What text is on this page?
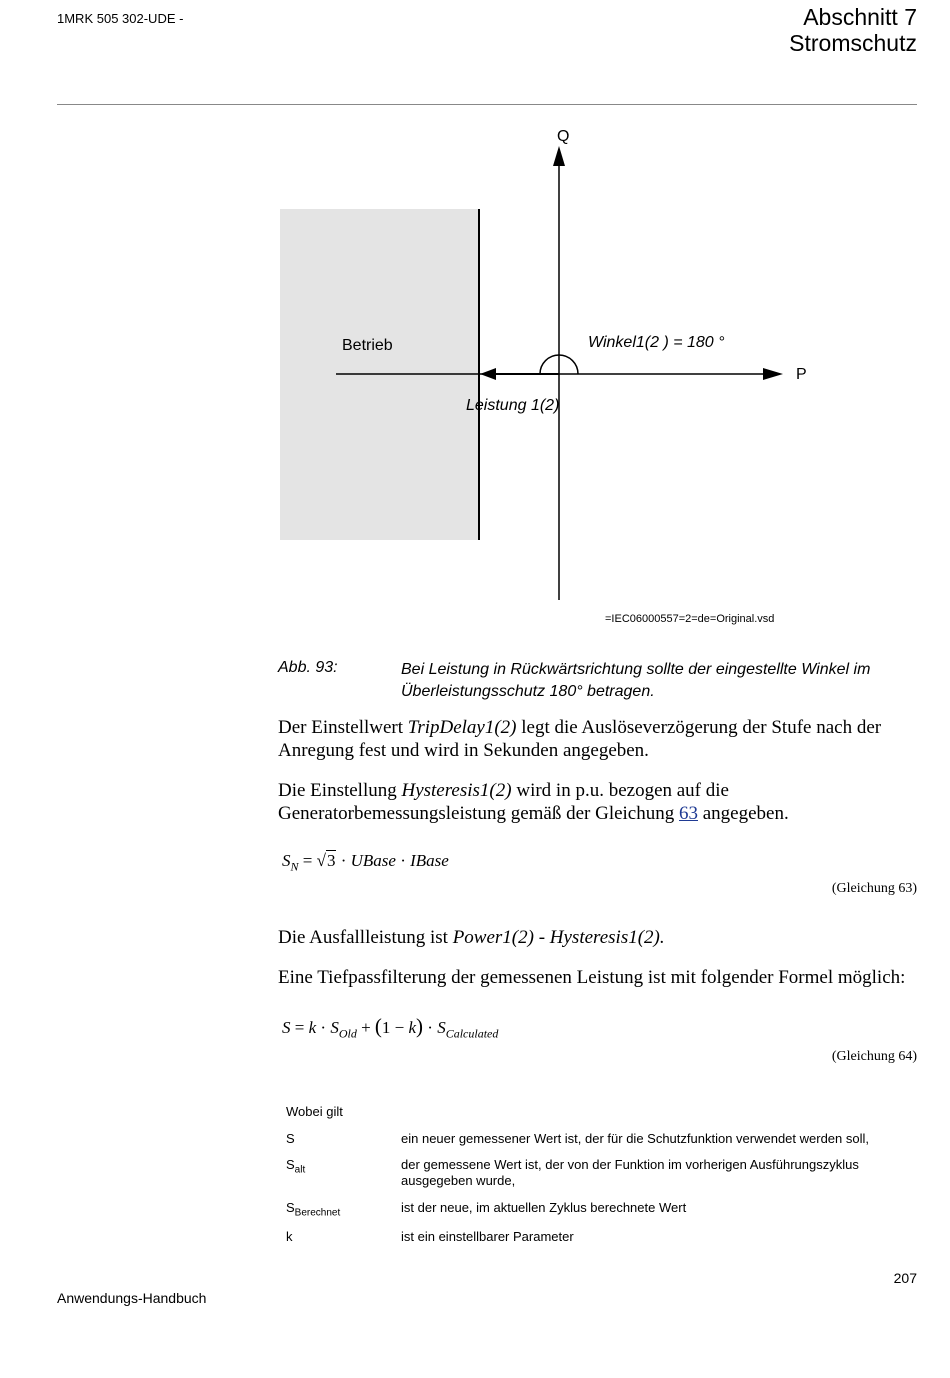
1MRK 505 302-UDE -	Abschnitt 7
Stromschutz
Q
P
Betrieb	Winkel1(2 ) = 180 °
Leistung 1(2)
=IEC06000557=2=de=Original.vsd
Abb. 93:	Bei Leistung in Rückwärtsrichtung sollte der eingestellte Winkel im Überleistungsschutz 180° betragen.
Der Einstellwert TripDelay1(2) legt die Auslöseverzögerung der Stufe nach der Anregung fest und wird in Sekunden angegeben.
Die Einstellung Hysteresis1(2) wird in p.u. bezogen auf die Generatorbemessungsleistung gemäß der Gleichung 63 angegeben.
$S_N = √3$ · UBase · IBase
(Gleichung 63)
Die Ausfallleistung ist Power1(2) - Hysteresis1(2).
Eine Tiefpassfilterung der gemessenen Leistung ist mit folgender Formel möglich:
$S = k \cdot S_{Old} + (1 - k) \cdot S_{Calculated}$
(Gleichung 64)
Wobei gilt
S	ein neuer gemessener Wert ist, der für die Schutzfunktion verwendet werden soll,
$S_{alt}$	der gemessene Wert ist, der von der Funktion im vorherigen Ausführungszyklus ausgegeben wurde,
$S_{Berechnet}$	ist der neue, im aktuellen Zyklus berechnete Wert
k	ist ein einstellbarer Parameter
207
Anwendungs-Handbuch
